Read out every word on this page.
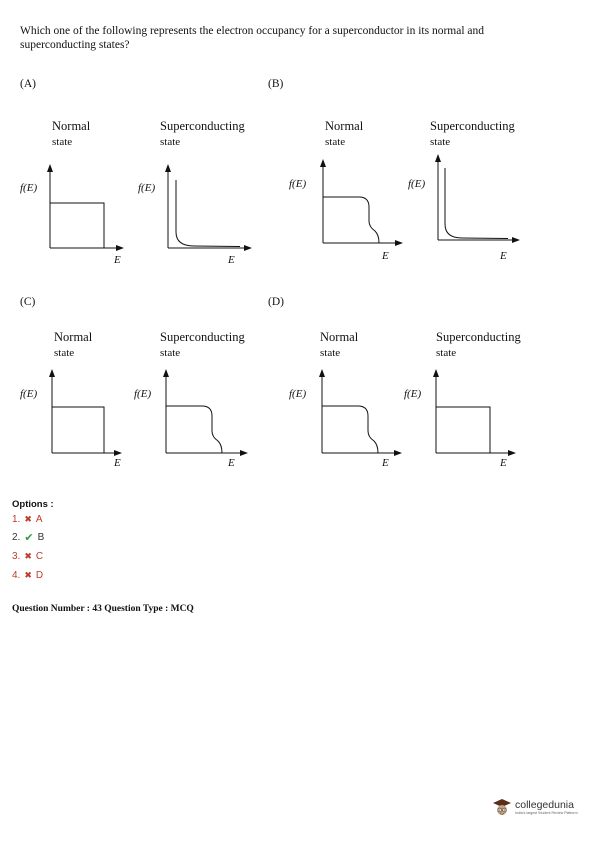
Which one of the following represents the electron occupancy for a superconductor in its normal and superconducting states?
(A)	(B)
(C)	(D)
Normal
state
f(E)
E
Superconducting
state
f(E)
E
Normal
state
f(E)
E
Superconducting
state
f(E)
E
Normal
state
f(E)
E
Superconducting
state
f(E)
E
Normal
state
f(E)
E
Superconducting
state
f(E)
E
Options :
1. ✖ A
2. ✔ B
3. ✖ C
4. ✖ D
Question Number : 43 Question Type : MCQ
collegedunia
India's largest Student Review Platform
